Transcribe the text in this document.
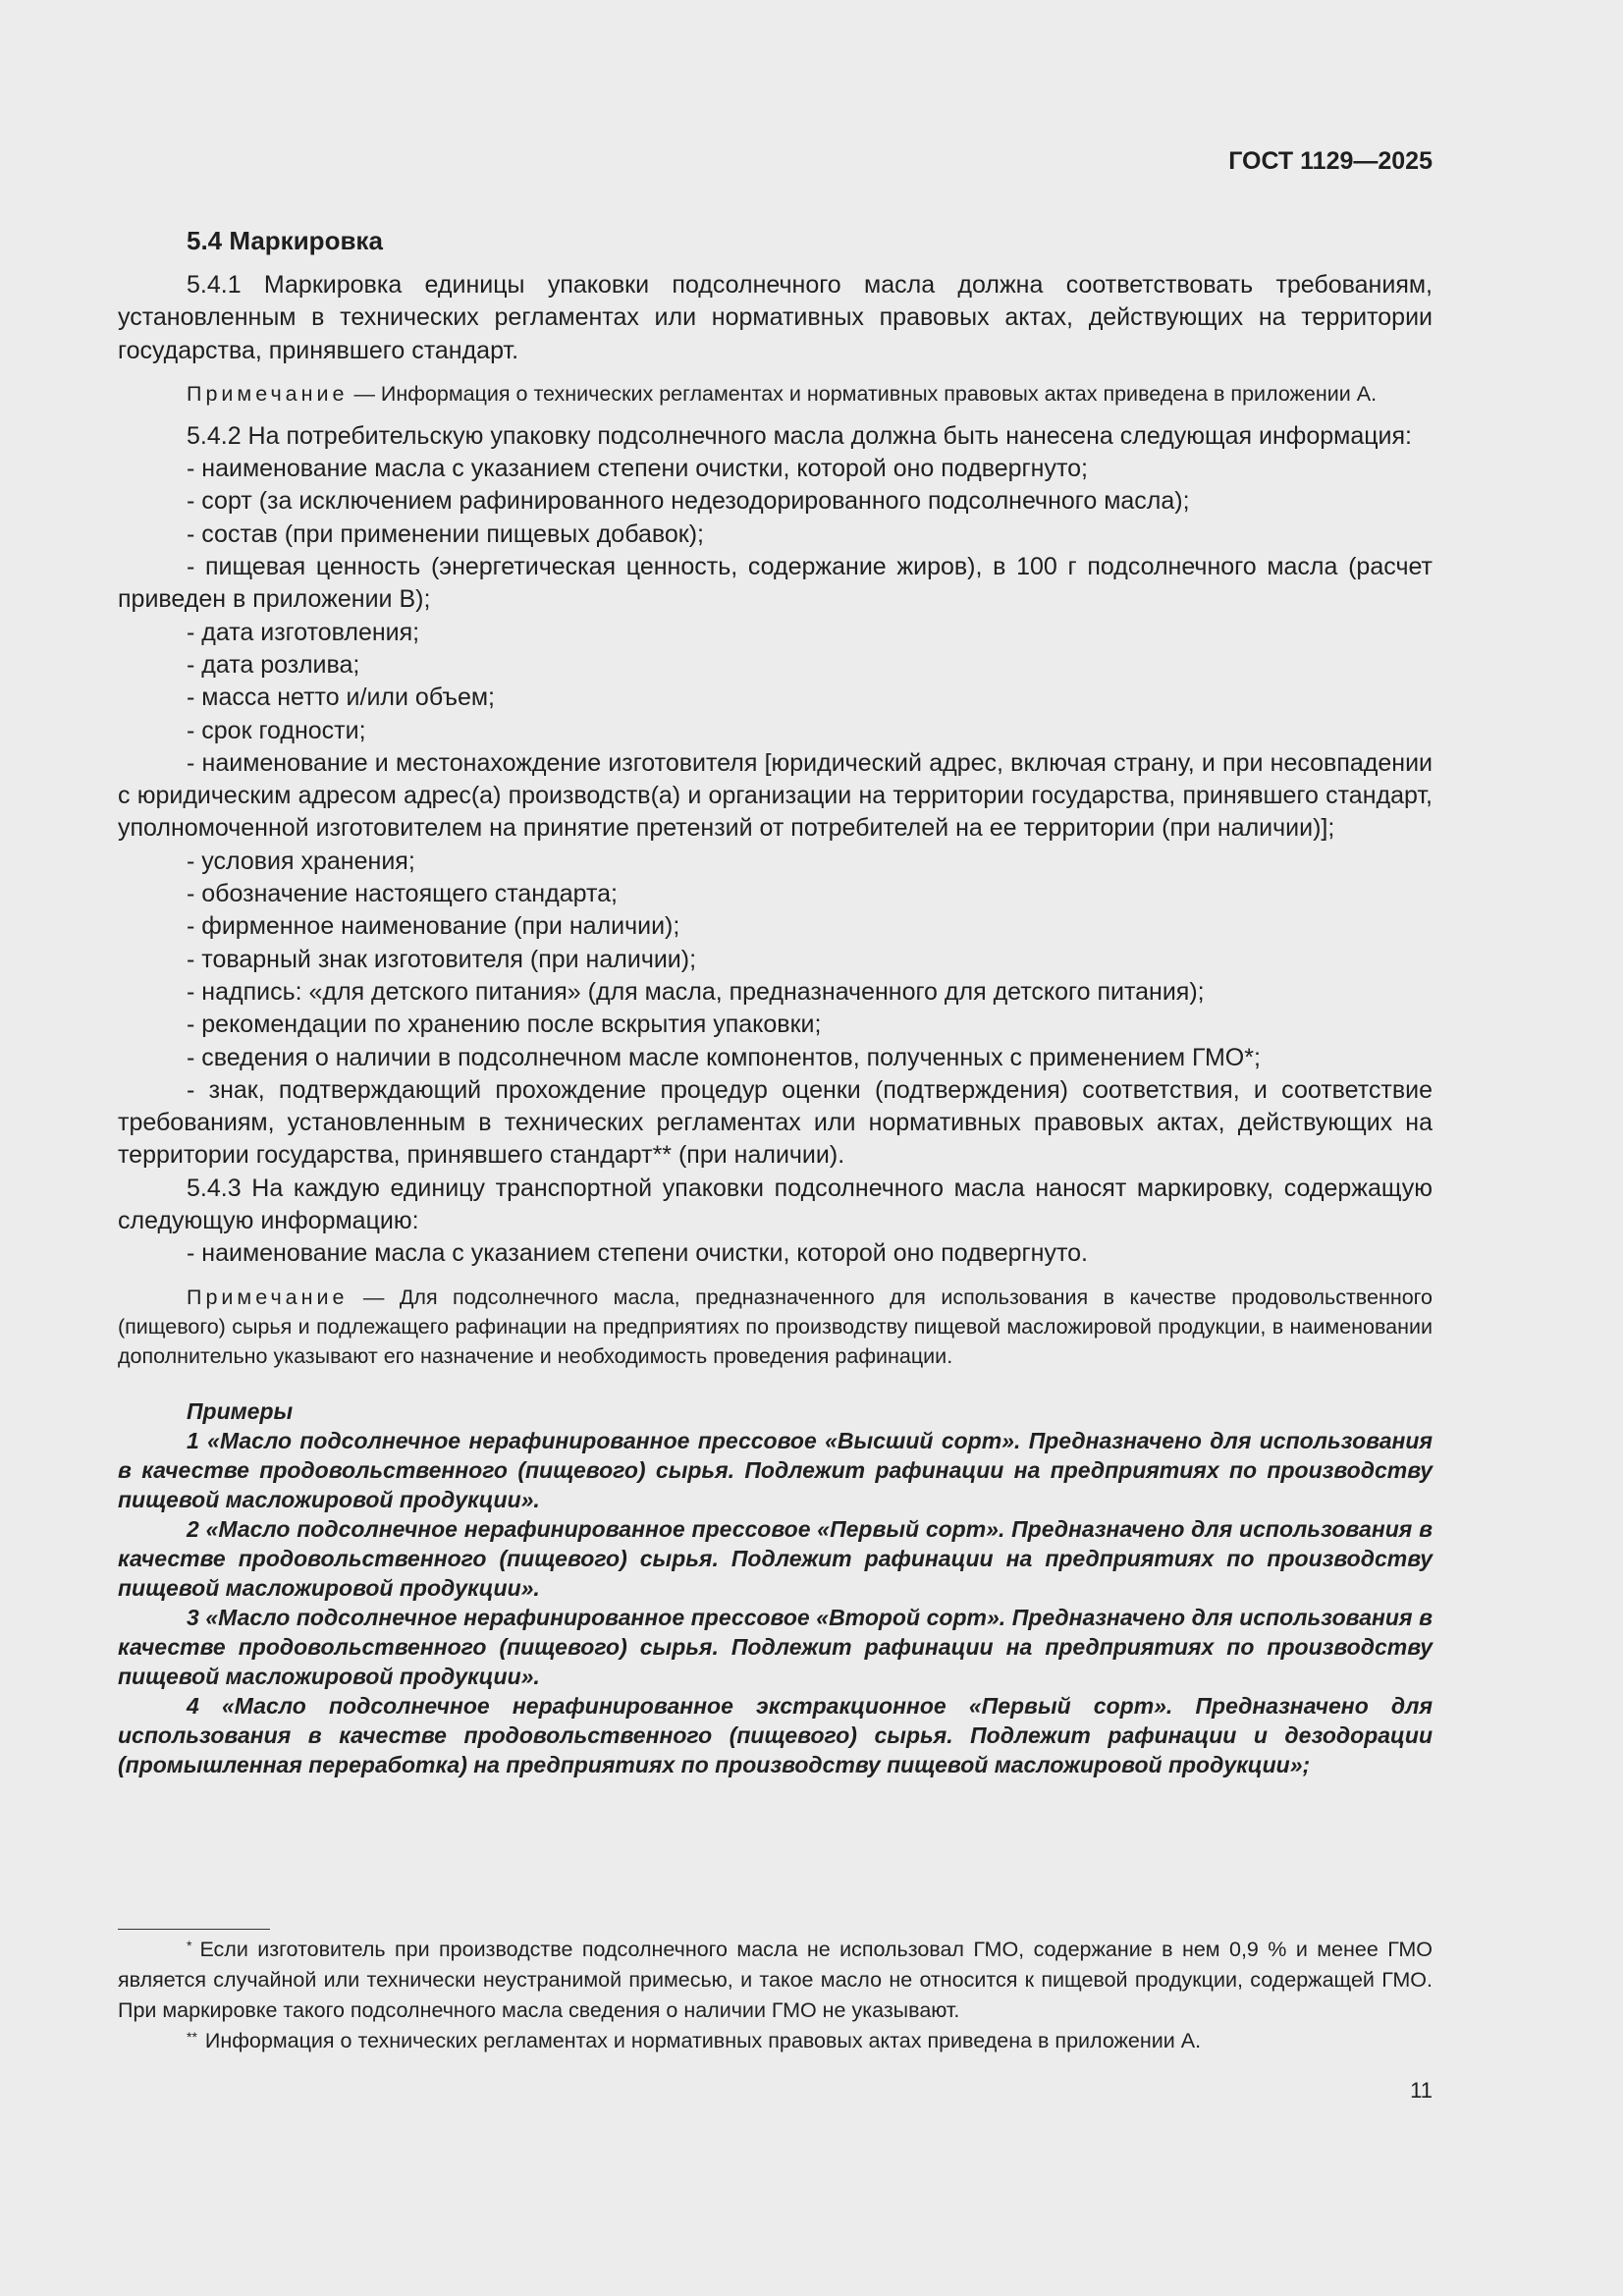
ГОСТ 1129—2025
5.4 Маркировка

5.4.1 Маркировка единицы упаковки подсолнечного масла должна соответствовать требованиям, установленным в технических регламентах или нормативных правовых актах, действующих на территории государства, принявшего стандарт.

Примечание — Информация о технических регламентах и нормативных правовых актах приведена в приложении А.

5.4.2 На потребительскую упаковку подсолнечного масла должна быть нанесена следующая информация:

- наименование масла с указанием степени очистки, которой оно подвергнуто;

- сорт (за исключением рафинированного недезодорированного подсолнечного масла);

- состав (при применении пищевых добавок);

- пищевая ценность (энергетическая ценность, содержание жиров), в 100 г подсолнечного масла (расчет приведен в приложении В);

- дата изготовления;

- дата розлива;

- масса нетто и/или объем;

- срок годности;

- наименование и местонахождение изготовителя [юридический адрес, включая страну, и при несовпадении с юридическим адресом адрес(а) производств(а) и организации на территории государства, принявшего стандарт, уполномоченной изготовителем на принятие претензий от потребителей на ее территории (при наличии)];

- условия хранения;

- обозначение настоящего стандарта;

- фирменное наименование (при наличии);

- товарный знак изготовителя (при наличии);

- надпись: «для детского питания» (для масла, предназначенного для детского питания);

- рекомендации по хранению после вскрытия упаковки;

- сведения о наличии в подсолнечном масле компонентов, полученных с применением ГМО*;

- знак, подтверждающий прохождение процедур оценки (подтверждения) соответствия, и соответствие требованиям, установленным в технических регламентах или нормативных правовых актах, действующих на территории государства, принявшего стандарт** (при наличии).

5.4.3 На каждую единицу транспортной упаковки подсолнечного масла наносят маркировку, содержащую следующую информацию:

- наименование масла с указанием степени очистки, которой оно подвергнуто.

Примечание — Для подсолнечного масла, предназначенного для использования в качестве продовольственного (пищевого) сырья и подлежащего рафинации на предприятиях по производству пищевой масложировой продукции, в наименовании дополнительно указывают его назначение и необходимость проведения рафинации.

Примеры

1 «Масло подсолнечное нерафинированное прессовое «Высший сорт». Предназначено для использования в качестве продовольственного (пищевого) сырья. Подлежит рафинации на предприятиях по производству пищевой масложировой продукции».

2 «Масло подсолнечное нерафинированное прессовое «Первый сорт». Предназначено для использования в качестве продовольственного (пищевого) сырья. Подлежит рафинации на предприятиях по производству пищевой масложировой продукции».

3 «Масло подсолнечное нерафинированное прессовое «Второй сорт». Предназначено для использования в качестве продовольственного (пищевого) сырья. Подлежит рафинации на предприятиях по производству пищевой масложировой продукции».

4 «Масло подсолнечное нерафинированное экстракционное «Первый сорт». Предназначено для использования в качестве продовольственного (пищевого) сырья. Подлежит рафинации и дезодорации (промышленная переработка) на предприятиях по производству пищевой масложировой продукции»;

* Если изготовитель при производстве подсолнечного масла не использовал ГМО, содержание в нем 0,9 % и менее ГМО является случайной или технически неустранимой примесью, и такое масло не относится к пищевой продукции, содержащей ГМО. При маркировке такого подсолнечного масла сведения о наличии ГМО не указывают.

** Информация о технических регламентах и нормативных правовых актах приведена в приложении А.

11
